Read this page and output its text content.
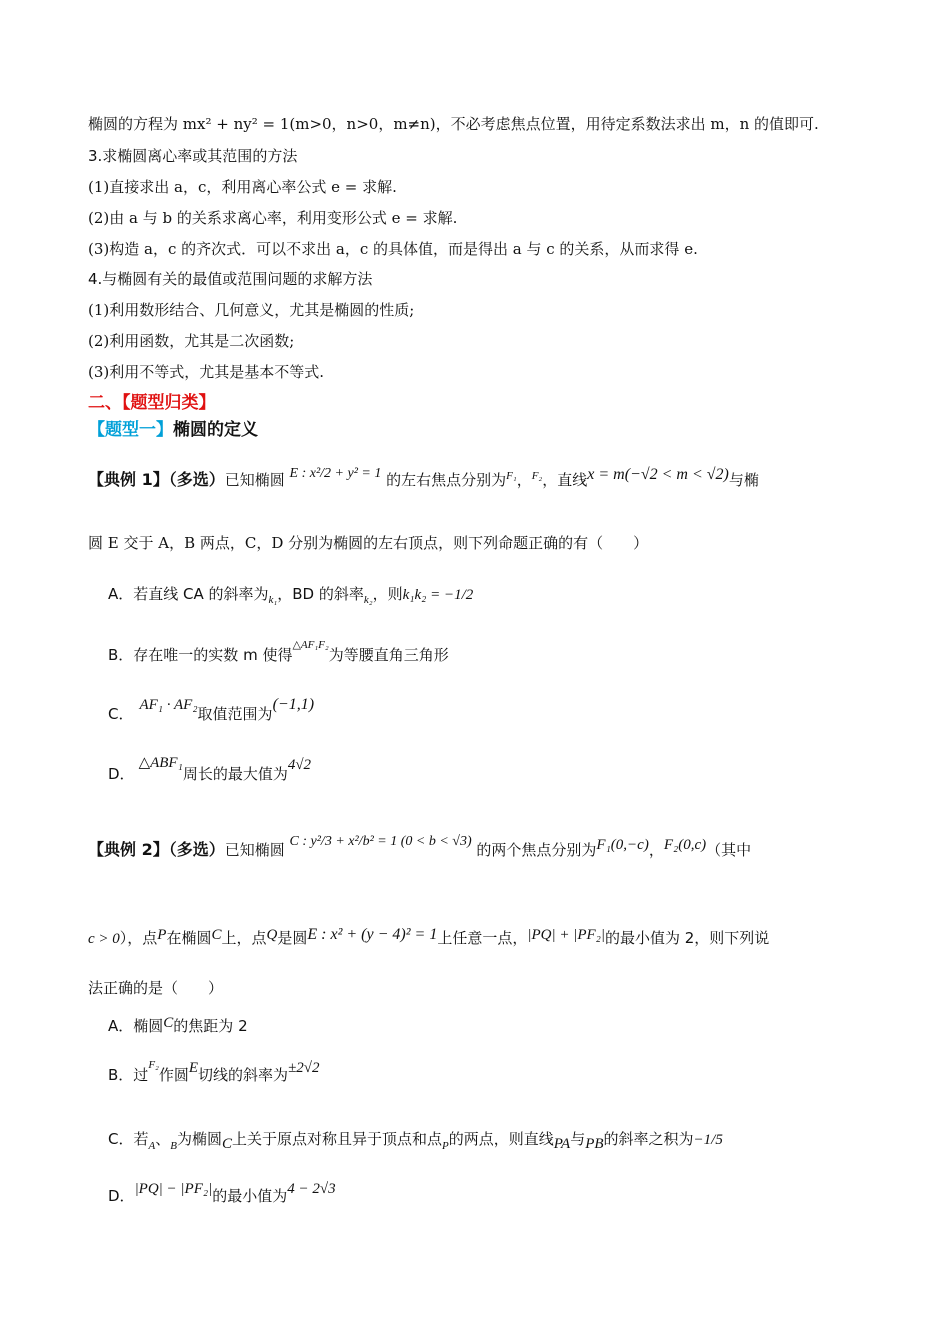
椭圆的方程为 mx² + ny² = 1(m>0，n>0，m≠n)，不必考虑焦点位置，用待定系数法求出 m，n 的值即可.
3.求椭圆离心率或其范围的方法
(1)直接求出 a，c，利用离心率公式 e = 求解.
(2)由 a 与 b 的关系求离心率，利用变形公式 e = 求解.
(3)构造 a，c 的齐次式．可以不求出 a，c 的具体值，而是得出 a 与 c 的关系，从而求得 e.
4.与椭圆有关的最值或范围问题的求解方法
(1)利用数形结合、几何意义，尤其是椭圆的性质;
(2)利用函数，尤其是二次函数;
(3)利用不等式，尤其是基本不等式.
二、【题型归类】
【题型一】椭圆的定义
【典例 1】（多选）已知椭圆 E : x²/2 + y² = 1 的左右焦点分别为$^{F_1}$，$^{F_2}$，直线x = m(−√2 < m < √2)与椭
圆 E 交于 A，B 两点，C，D 分别为椭圆的左右顶点，则下列命题正确的有（　　）
A．若直线 CA 的斜率为$_{k_1}$，BD 的斜率$_{k_2}$，则k₁k₂ = −1/2
B．存在唯一的实数 m 使得$^{\triangle AF_1F_2}$为等腰直角三角形
C． AF₁ · AF₂取值范围为(−1,1)
D．△ABF₁周长的最大值为4√2
【典例 2】（多选）已知椭圆 C : y²/3 + x²/b² = 1 (0 < b < √3) 的两个焦点分别为F₁(0,−c)，F₂(0,c)（其中
c > 0），点P在椭圆C上，点Q是圆E : x² + (y − 4)² = 1上任意一点，|PQ| + |PF₂|的最小值为 2，则下列说
法正确的是（　　）
A．椭圆C的焦距为 2
B．过$^{F_2}$作圆E切线的斜率为±2√2
C．若$_A$、$_B$为椭圆C上关于原点对称且异于顶点和点$_P$的两点，则直线PA与PB的斜率之积为−1/5
D．|PQ| − |PF₂|的最小值为4 − 2√3
